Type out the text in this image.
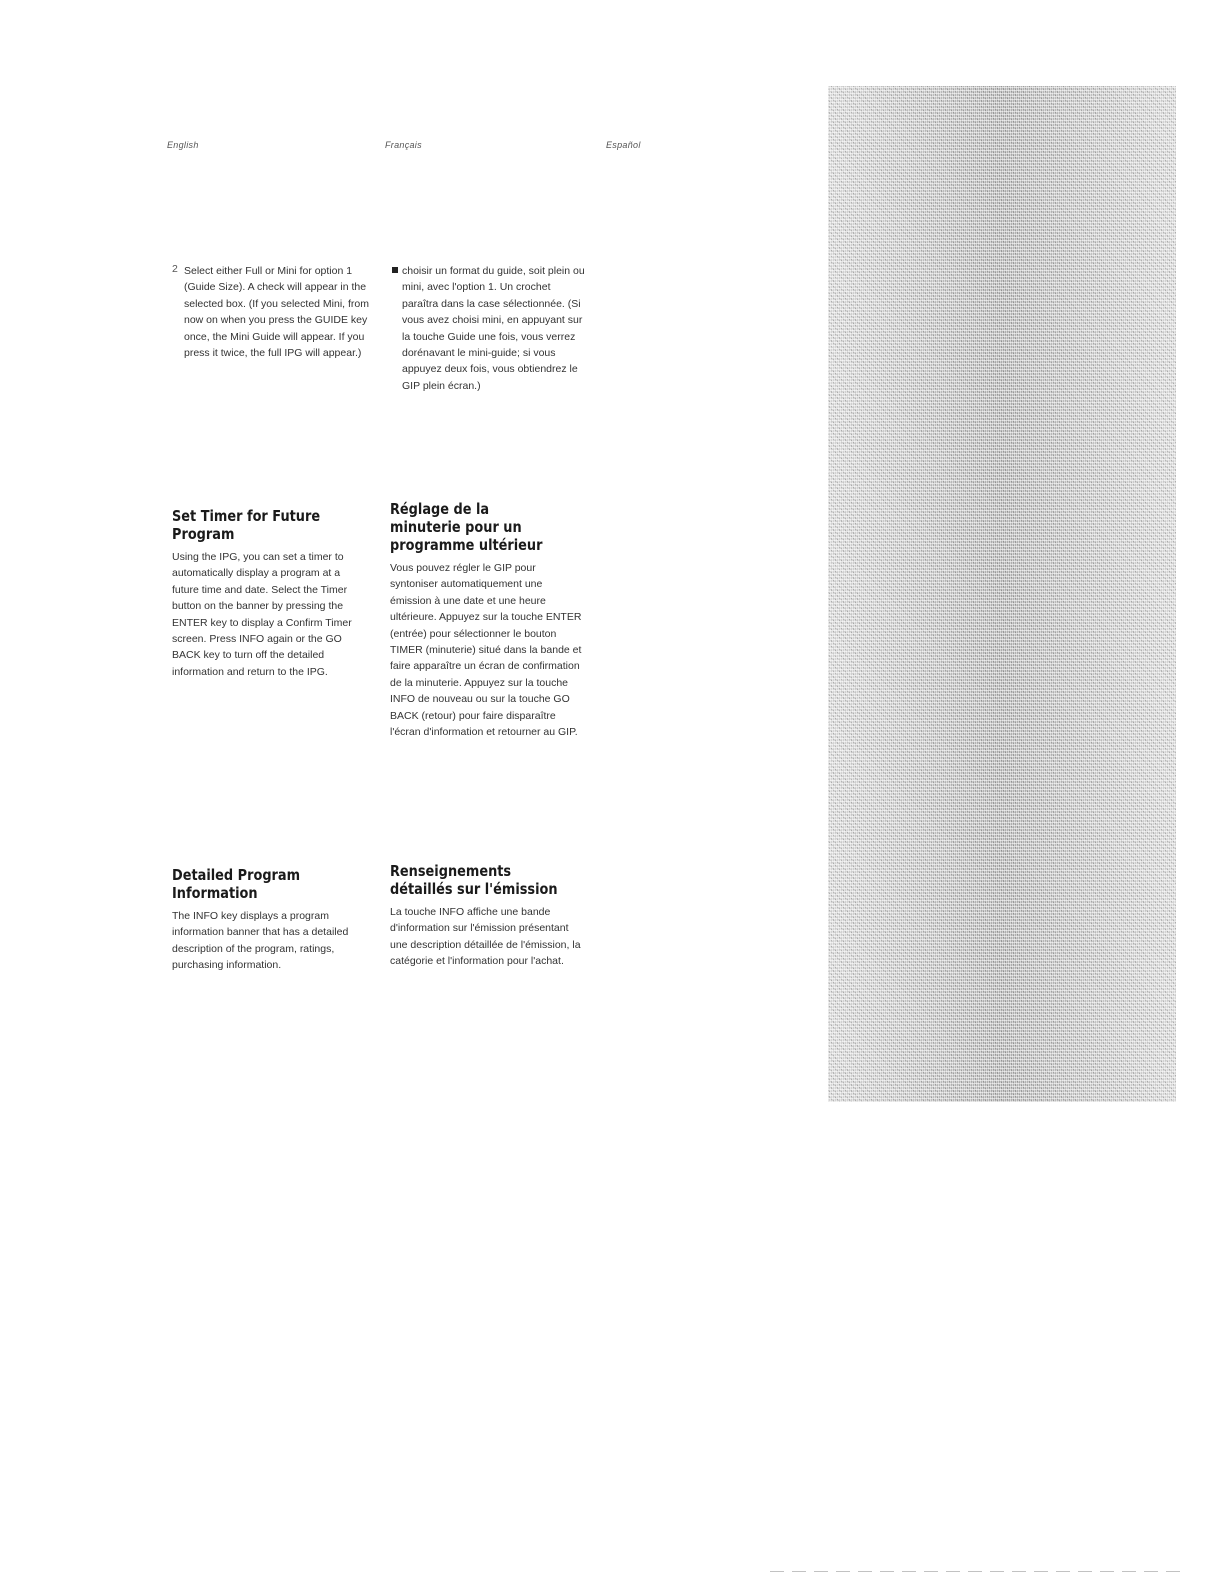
English	Français	Español
2 Select either Full or Mini for option 1 (Guide Size). A check will appear in the selected box. (If you selected Mini, from now on when you press the GUIDE key once, the Mini Guide will appear. If you press it twice, the full IPG will appear.)

choisir un format du guide, soit plein ou mini, avec l'option 1. Un crochet paraîtra dans la case sélectionnée. (Si vous avez choisi mini, en appuyant sur la touche Guide une fois, vous verrez dorénavant le mini-guide; si vous appuyez deux fois, vous obtiendrez le GIP plein écran.)

Set Timer for Future Program

Using the IPG, you can set a timer to automatically display a program at a future time and date. Select the Timer button on the banner by pressing the ENTER key to display a Confirm Timer screen. Press INFO again or the GO BACK key to turn off the detailed information and return to the IPG.

Réglage de la minuterie pour un programme ultérieur

Vous pouvez régler le GIP pour syntoniser automatiquement une émission à une date et une heure ultérieure. Appuyez sur la touche ENTER (entrée) pour sélectionner le bouton TIMER (minuterie) situé dans la bande et faire apparaître un écran de confirmation de la minuterie. Appuyez sur la touche INFO de nouveau ou sur la touche GO BACK (retour) pour faire disparaître l'écran d'information et retourner au GIP.

Detailed Program Information

The INFO key displays a program information banner that has a detailed description of the program, ratings, purchasing information.

Renseignements détaillés sur l'émission

La touche INFO affiche une bande d'information sur l'émission présentant une description détaillée de l'émission, la catégorie et l'information pour l'achat.
